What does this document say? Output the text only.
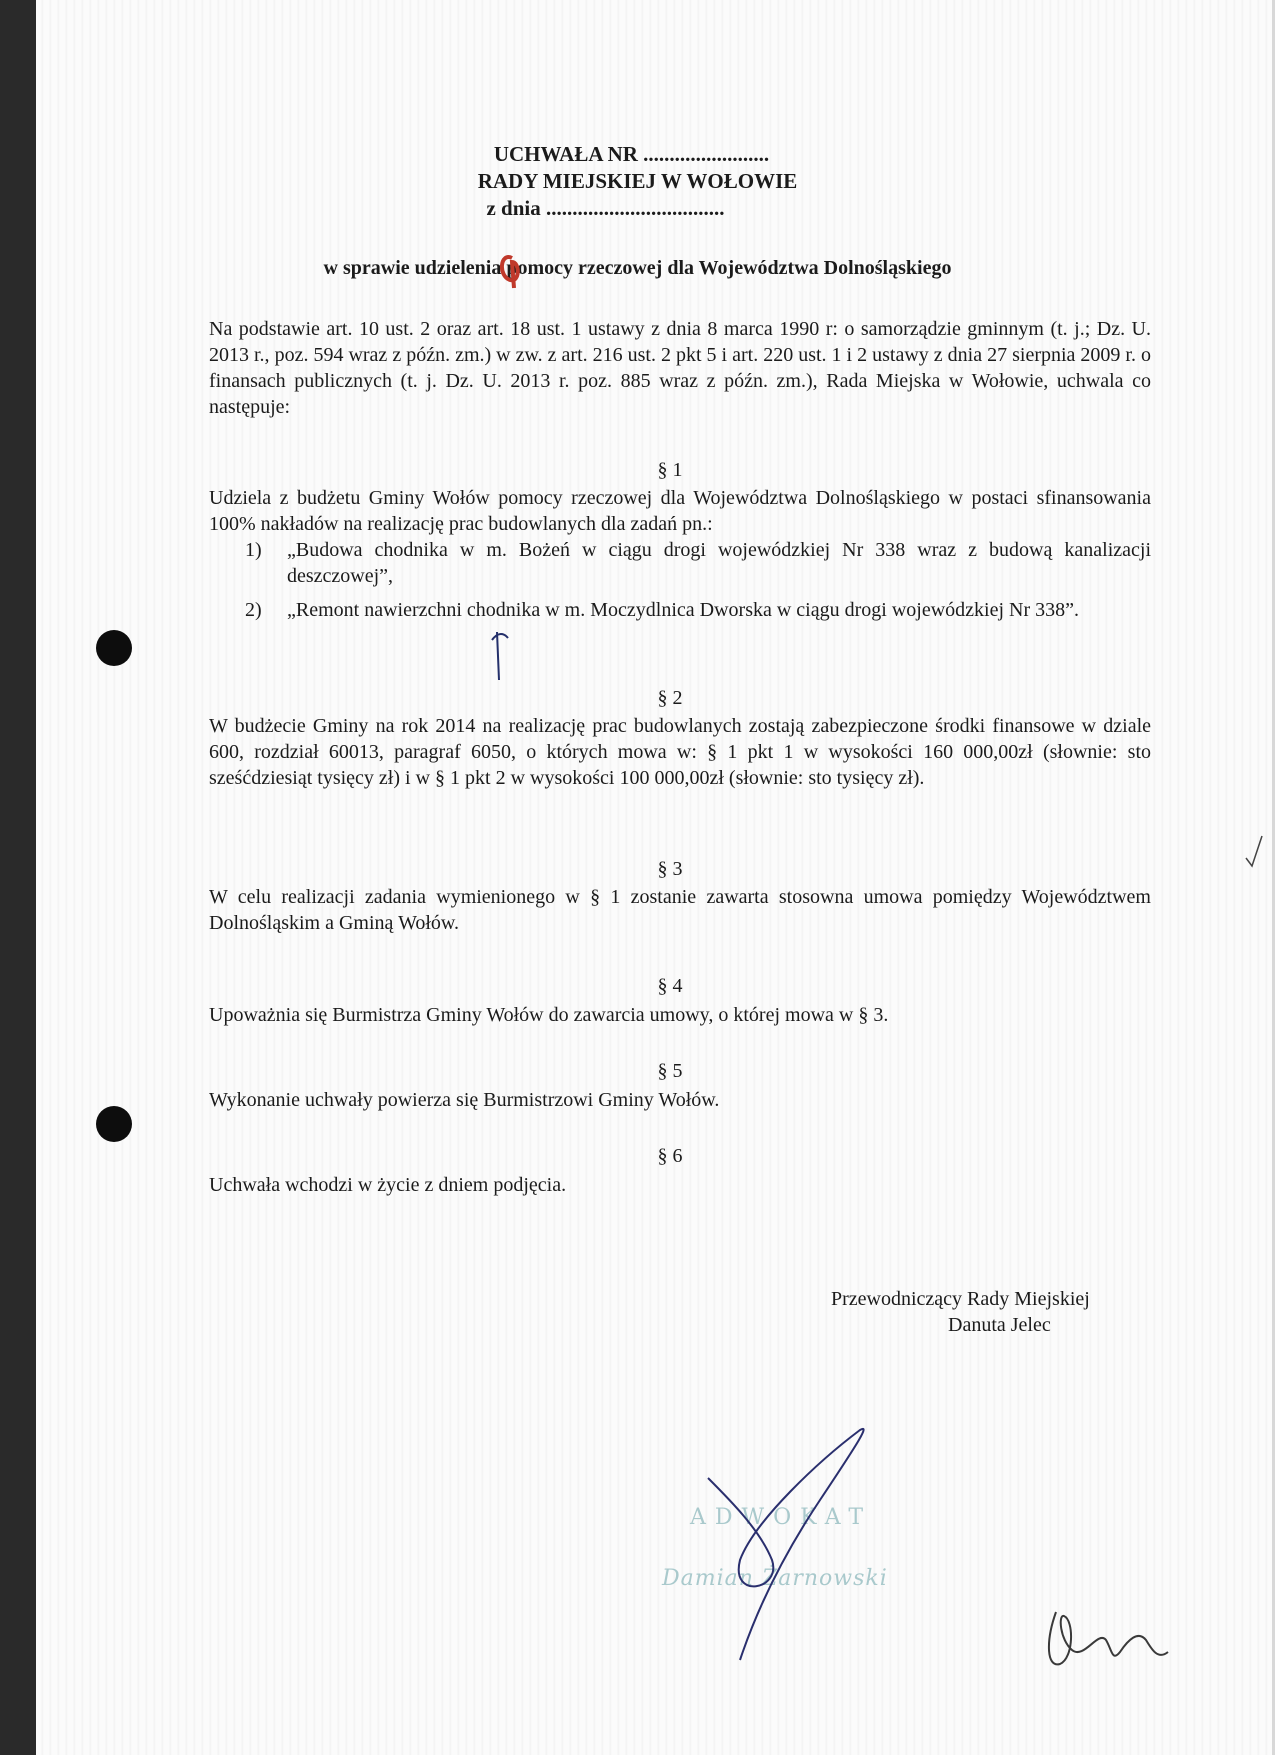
UCHWAŁA NR ........................
RADY MIEJSKIEJ W WOŁOWIE
z dnia ..................................
w sprawie udzielenia pomocy rzeczowej dla Województwa Dolnośląskiego
Na podstawie art. 10 ust. 2 oraz art. 18 ust. 1 ustawy z dnia 8 marca 1990 r: o samorządzie gminnym (t. j.; Dz. U. 2013 r., poz. 594 wraz z późn. zm.) w zw. z art. 216 ust. 2 pkt 5 i art. 220 ust. 1 i 2 ustawy z dnia 27 sierpnia 2009 r. o finansach publicznych (t. j. Dz. U. 2013 r. poz. 885 wraz z późn. zm.), Rada Miejska w Wołowie, uchwala co następuje:
§ 1
Udziela z budżetu Gminy Wołów pomocy rzeczowej dla Województwa Dolnośląskiego w postaci sfinansowania 100% nakładów na realizację prac budowlanych dla zadań pn.:
1)	„Budowa chodnika w m. Bożeń w ciągu drogi wojewódzkiej Nr 338 wraz z budową kanalizacji deszczowej”,
2)	„Remont nawierzchni chodnika w m. Moczydlnica Dworska w ciągu drogi wojewódzkiej Nr 338”.
§ 2
W budżecie Gminy na rok 2014 na realizację prac budowlanych zostają zabezpieczone środki finansowe w dziale 600, rozdział 60013, paragraf 6050, o których mowa w: § 1 pkt 1 w wysokości 160 000,00zł (słownie: sto sześćdziesiąt tysięcy zł) i w § 1 pkt 2 w wysokości 100 000,00zł (słownie: sto tysięcy zł).
§ 3
W celu realizacji zadania wymienionego w § 1 zostanie zawarta stosowna umowa pomiędzy Województwem Dolnośląskim a Gminą Wołów.
§ 4
Upoważnia się Burmistrza Gminy Wołów do zawarcia umowy, o której mowa w § 3.
§ 5
Wykonanie uchwały powierza się Burmistrzowi Gminy Wołów.
§ 6
Uchwała wchodzi w życie z dniem podjęcia.
Przewodniczący Rady Miejskiej
Danuta Jelec
ADWOKAT
Damian Żarnowski
